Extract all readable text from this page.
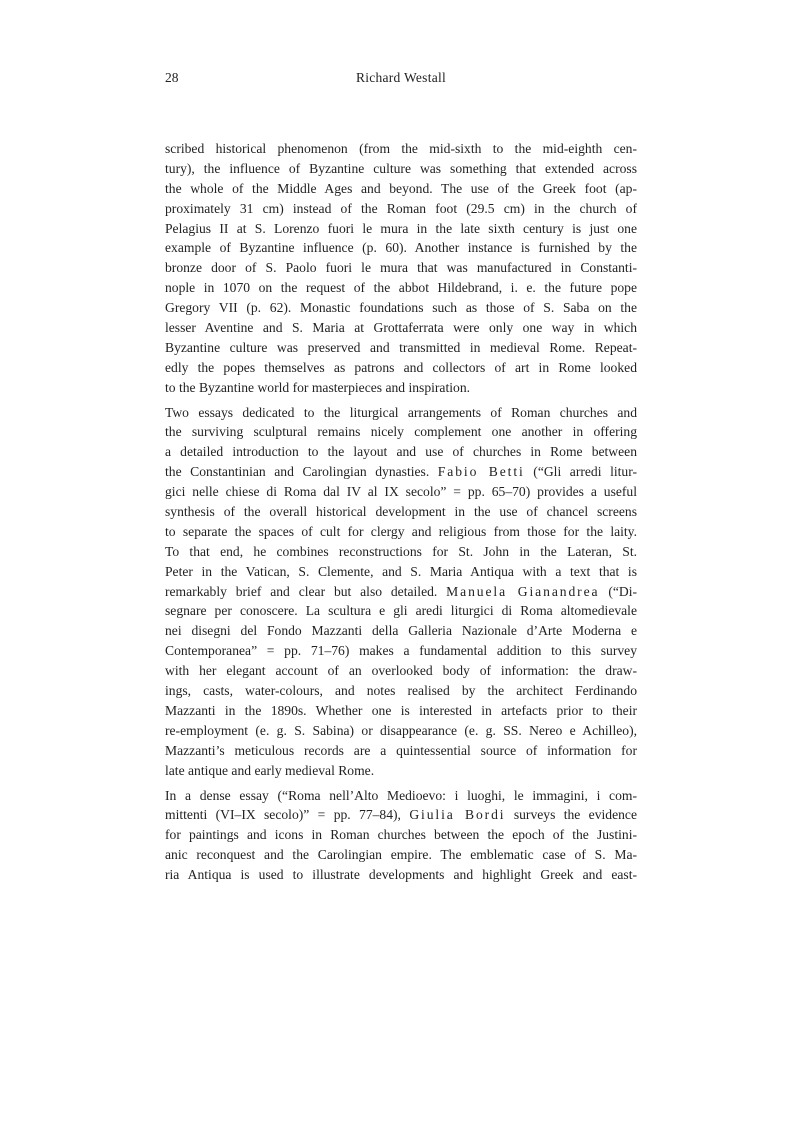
28	Richard Westall
scribed historical phenomenon (from the mid-sixth to the mid-eighth cen-
tury), the influence of Byzantine culture was something that extended across
the whole of the Middle Ages and beyond. The use of the Greek foot (ap-
proximately 31 cm) instead of the Roman foot (29.5 cm) in the church of
Pelagius II at S. Lorenzo fuori le mura in the late sixth century is just one
example of Byzantine influence (p. 60). Another instance is furnished by the
bronze door of S. Paolo fuori le mura that was manufactured in Constanti-
nople in 1070 on the request of the abbot Hildebrand, i. e. the future pope
Gregory VII (p. 62). Monastic foundations such as those of S. Saba on the
lesser Aventine and S. Maria at Grottaferrata were only one way in which
Byzantine culture was preserved and transmitted in medieval Rome. Repeat-
edly the popes themselves as patrons and collectors of art in Rome looked
to the Byzantine world for masterpieces and inspiration.
Two essays dedicated to the liturgical arrangements of Roman churches and
the surviving sculptural remains nicely complement one another in offering
a detailed introduction to the layout and use of churches in Rome between
the Constantinian and Carolingian dynasties. Fabio Betti (“Gli arredi litur-
gici nelle chiese di Roma dal IV al IX secolo” = pp. 65–70) provides a useful
synthesis of the overall historical development in the use of chancel screens
to separate the spaces of cult for clergy and religious from those for the laity.
To that end, he combines reconstructions for St. John in the Lateran, St.
Peter in the Vatican, S. Clemente, and S. Maria Antiqua with a text that is
remarkably brief and clear but also detailed. Manuela Gianandrea (“Di-
segnare per conoscere. La scultura e gli aredi liturgici di Roma altomedievale
nei disegni del Fondo Mazzanti della Galleria Nazionale d’Arte Moderna e
Contemporanea” = pp. 71–76) makes a fundamental addition to this survey
with her elegant account of an overlooked body of information: the draw-
ings, casts, water-colours, and notes realised by the architect Ferdinando
Mazzanti in the 1890s. Whether one is interested in artefacts prior to their
re-employment (e. g. S. Sabina) or disappearance (e. g. SS. Nereo e Achilleo),
Mazzanti’s meticulous records are a quintessential source of information for
late antique and early medieval Rome.
In a dense essay (“Roma nell’Alto Medioevo: i luoghi, le immagini, i com-
mittenti (VI–IX secolo)” = pp. 77–84), Giulia Bordi surveys the evidence
for paintings and icons in Roman churches between the epoch of the Justini-
anic reconquest and the Carolingian empire. The emblematic case of S. Ma-
ria Antiqua is used to illustrate developments and highlight Greek and east-
